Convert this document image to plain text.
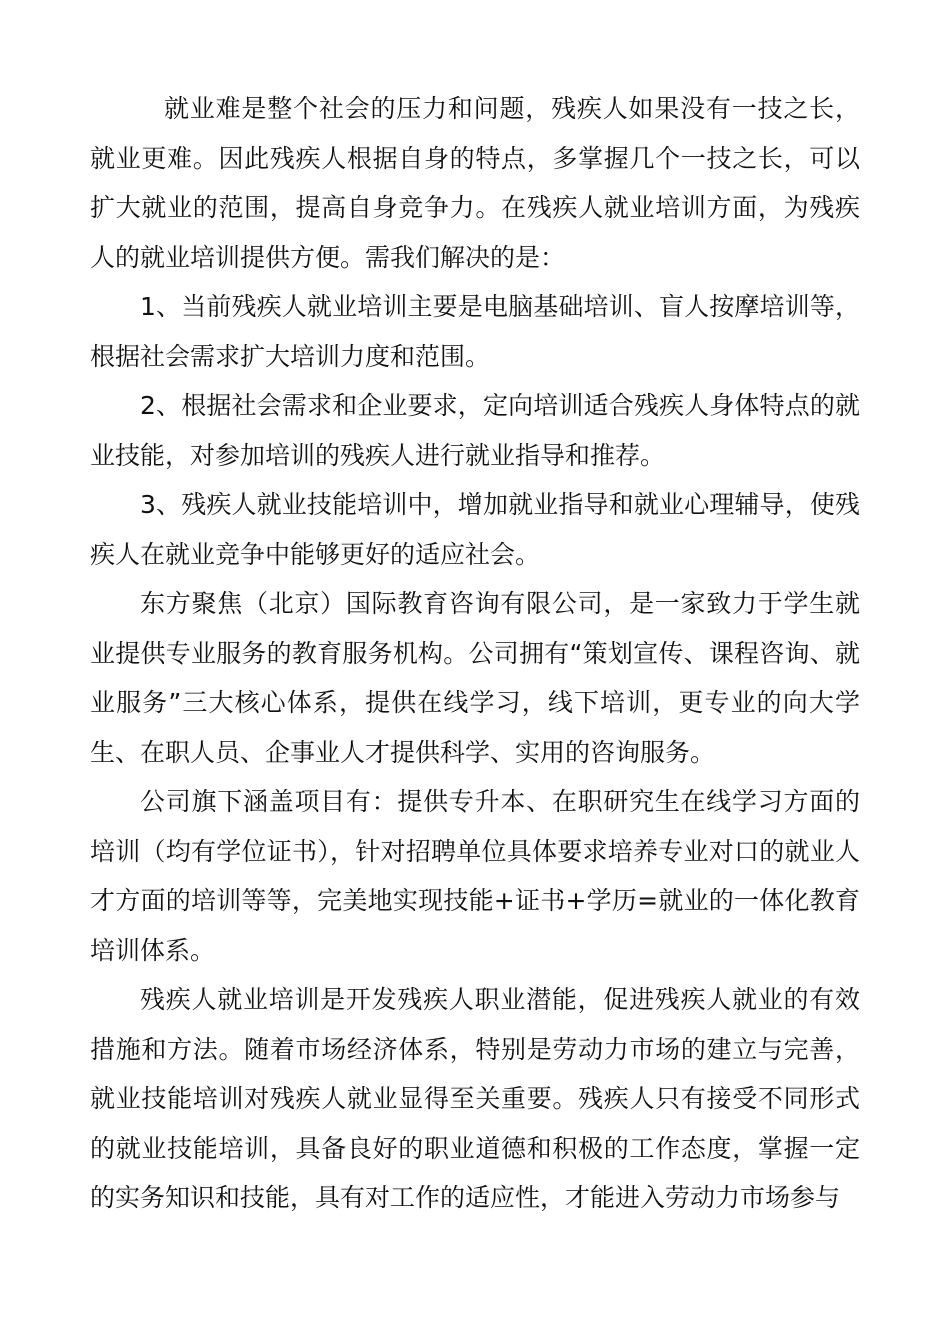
就业难是整个社会的压力和问题，残疾人如果没有一技之长，就业更难。因此残疾人根据自身的特点，多掌握几个一技之长，可以扩大就业的范围，提高自身竞争力。在残疾人就业培训方面，为残疾人的就业培训提供方便。需我们解决的是：

1、当前残疾人就业培训主要是电脑基础培训、盲人按摩培训等，根据社会需求扩大培训力度和范围。

2、根据社会需求和企业要求，定向培训适合残疾人身体特点的就业技能，对参加培训的残疾人进行就业指导和推荐。

3、残疾人就业技能培训中，增加就业指导和就业心理辅导，使残疾人在就业竞争中能够更好的适应社会。

东方聚焦（北京）国际教育咨询有限公司，是一家致力于学生就业提供专业服务的教育服务机构。公司拥有“策划宣传、课程咨询、就业服务”三大核心体系，提供在线学习，线下培训，更专业的向大学生、在职人员、企事业人才提供科学、实用的咨询服务。

公司旗下涵盖项目有：提供专升本、在职研究生在线学习方面的培训（均有学位证书），针对招聘单位具体要求培养专业对口的就业人才方面的培训等等，完美地实现技能+证书+学历=就业的一体化教育培训体系。

残疾人就业培训是开发残疾人职业潜能，促进残疾人就业的有效措施和方法。随着市场经济体系，特别是劳动力市场的建立与完善，就业技能培训对残疾人就业显得至关重要。残疾人只有接受不同形式的就业技能培训，具备良好的职业道德和积极的工作态度，掌握一定的实务知识和技能，具有对工作的适应性，才能进入劳动力市场参与
